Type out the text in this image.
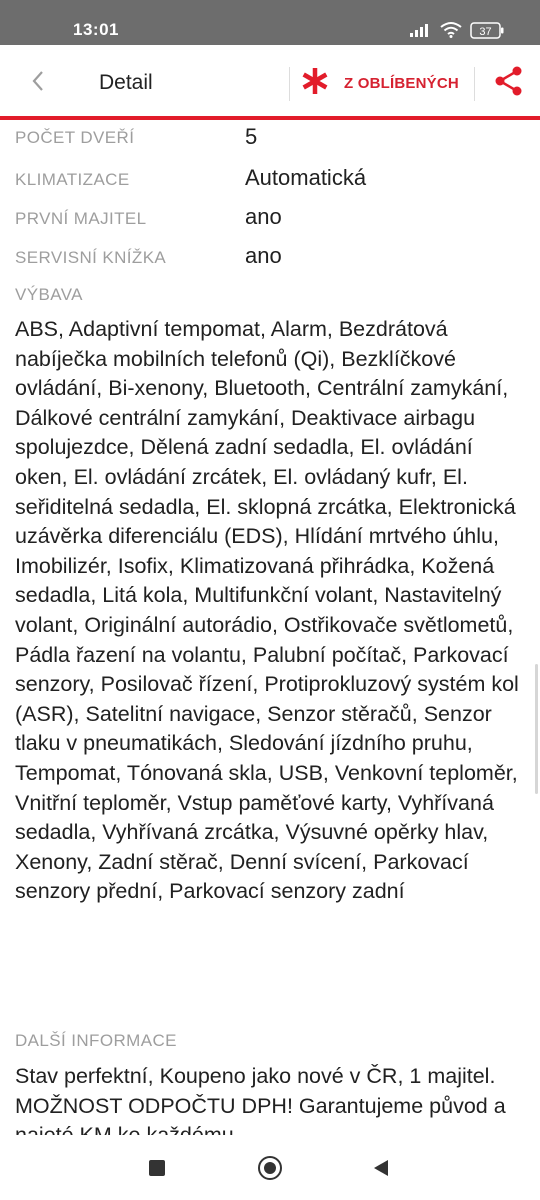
13:01	37
Detail	Z OBLÍBENÝCH
POČET DVEŘÍ	5
KLIMATIZACE	Automatická
PRVNÍ MAJITEL	ano
SERVISNÍ KNÍŽKA	ano
VÝBAVA
ABS, Adaptivní tempomat, Alarm, Bezdrátová nabíječka mobilních telefonů (Qi), Bezklíčkové ovládání, Bi-xenony, Bluetooth, Centrální zamykání, Dálkové centrální zamykání, Deaktivace airbagu spolujezdce, Dělená zadní sedadla, El. ovládání oken, El. ovládání zrcátek, El. ovládaný kufr, El. seřiditelná sedadla, El. sklopná zrcátka, Elektronická uzávěrka diferenciálu (EDS), Hlídání mrtvého úhlu, Imobilizér, Isofix, Klimatizovaná přihrádka, Kožená sedadla, Litá kola, Multifunkční volant, Nastavitelný volant, Originální autorádio, Ostřikovače světlometů, Pádla řazení na volantu, Palubní počítač, Parkovací senzory, Posilovač řízení, Protiprokluzový systém kol (ASR), Satelitní navigace, Senzor stěračů, Senzor tlaku v pneumatikách, Sledování jízdního pruhu, Tempomat, Tónovaná skla, USB, Venkovní teploměr, Vnitřní teploměr, Vstup paměťové karty, Vyhřívaná sedadla, Vyhřívaná zrcátka, Výsuvné opěrky hlav, Xenony, Zadní stěrač, Denní svícení, Parkovací senzory přední, Parkovací senzory zadní
DALŠÍ INFORMACE
Stav perfektní, Koupeno jako nové v ČR, 1 majitel. MOŽNOST ODPOČTU DPH! Garantujeme původ a
